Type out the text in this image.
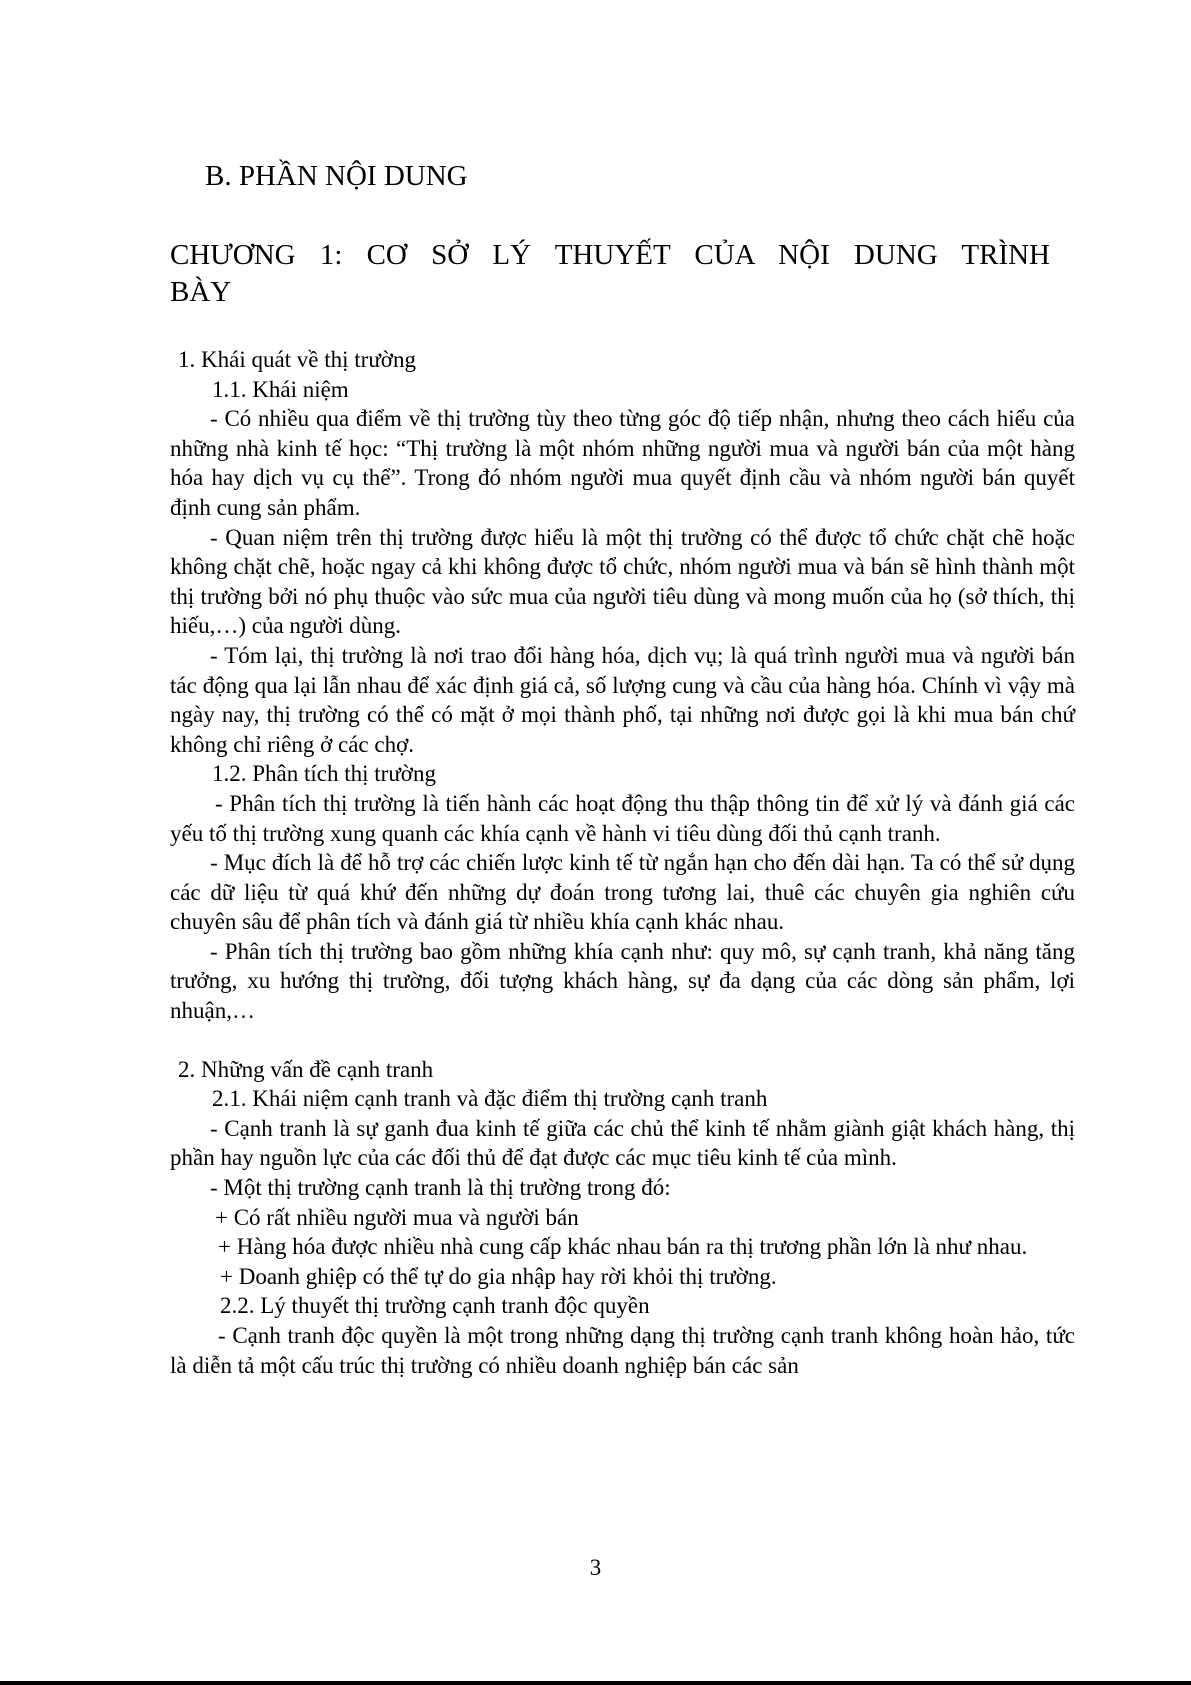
B. PHẦN NỘI DUNG
CHƯƠNG 1: CƠ SỞ LÝ THUYẾT CỦA NỘI DUNG TRÌNH
BÀY

1. Khái quát về thị trường

1.1. Khái niệm

- Có nhiều qua điểm về thị trường tùy theo từng góc độ tiếp nhận, nhưng theo cách hiểu của những nhà kinh tế học: “Thị trường là một nhóm những người mua và người bán của một hàng hóa hay dịch vụ cụ thể”. Trong đó nhóm người mua quyết định cầu và nhóm người bán quyết định cung sản phẩm.

- Quan niệm trên thị trường được hiểu là một thị trường có thể được tổ chức chặt chẽ hoặc không chặt chẽ, hoặc ngay cả khi không được tổ chức, nhóm người mua và bán sẽ hình thành một thị trường bởi nó phụ thuộc vào sức mua của người tiêu dùng và mong muốn của họ (sở thích, thị hiếu,…) của người dùng.

- Tóm lại, thị trường là nơi trao đổi hàng hóa, dịch vụ; là quá trình người mua và người bán tác động qua lại lẫn nhau để xác định giá cả, số lượng cung và cầu của hàng hóa. Chính vì vậy mà ngày nay, thị trường có thể có mặt ở mọi thành phố, tại những nơi được gọi là khi mua bán chứ không chỉ riêng ở các chợ.

1.2. Phân tích thị trường

- Phân tích thị trường là tiến hành các hoạt động thu thập thông tin để xử lý và đánh giá các yếu tố thị trường xung quanh các khía cạnh về hành vi tiêu dùng đối thủ cạnh tranh.

- Mục đích là để hỗ trợ các chiến lược kinh tế từ ngắn hạn cho đến dài hạn. Ta có thể sử dụng các dữ liệu từ quá khứ đến những dự đoán trong tương lai, thuê các chuyên gia nghiên cứu chuyên sâu để phân tích và đánh giá từ nhiều khía cạnh khác nhau.

- Phân tích thị trường bao gồm những khía cạnh như: quy mô, sự cạnh tranh, khả năng tăng trưởng, xu hướng thị trường, đối tượng khách hàng, sự đa dạng của các dòng sản phẩm, lợi nhuận,…

2. Những vấn đề cạnh tranh

2.1. Khái niệm cạnh tranh và đặc điểm thị trường cạnh tranh

- Cạnh tranh là sự ganh đua kinh tế giữa các chủ thể kinh tế nhằm giành giật khách hàng, thị phần hay nguồn lực của các đối thủ để đạt được các mục tiêu kinh tế của mình.

- Một thị trường cạnh tranh là thị trường trong đó:

+ Có rất nhiều người mua và người bán

+ Hàng hóa được nhiều nhà cung cấp khác nhau bán ra thị trương phần lớn là như nhau.

+ Doanh ghiệp có thể tự do gia nhập hay rời khỏi thị trường.

2.2. Lý thuyết thị trường cạnh tranh độc quyền

- Cạnh tranh độc quyền là một trong những dạng thị trường cạnh tranh không hoàn hảo, tức là diễn tả một cấu trúc thị trường có nhiều doanh nghiệp bán các sản

3
